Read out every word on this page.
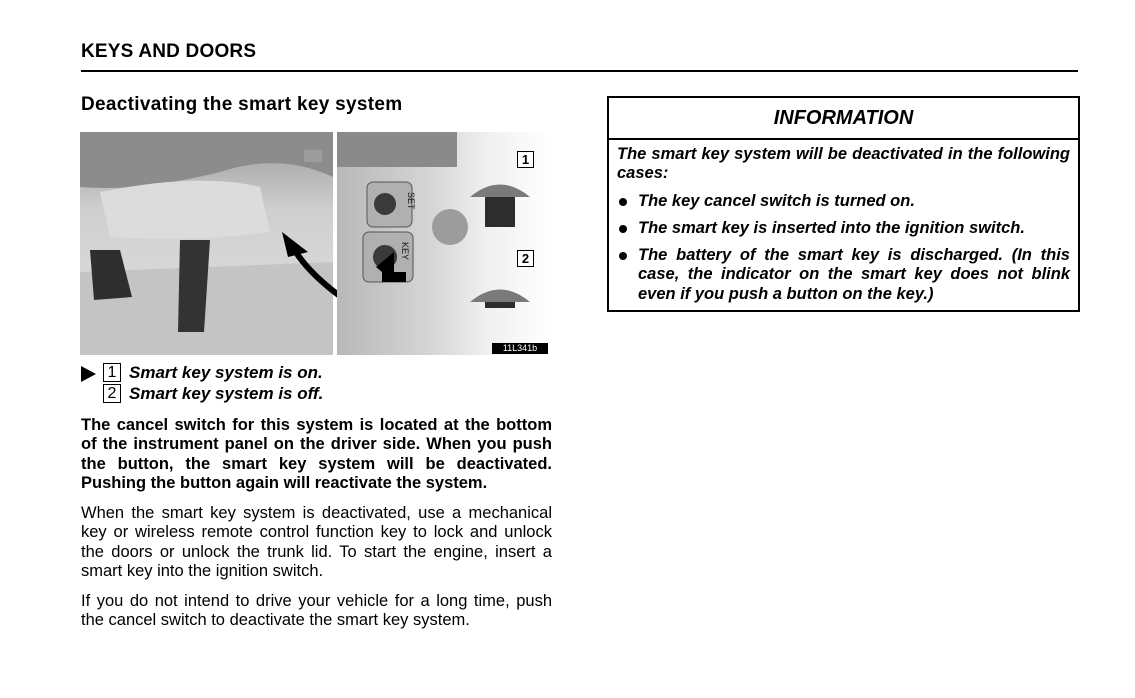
KEYS AND DOORS
Deactivating the smart key system
SET
KEY
1
2
11L341b
1 Smart key system is on.
2 Smart key system is off.
The cancel switch for this system is located at the bottom of the instrument panel on the driver side. When you push the button, the smart key system will be deactivated. Pushing the button again will reactivate the system.
When the smart key system is deactivated, use a mechanical key or wireless remote control function key to lock and unlock the doors or unlock the trunk lid. To start the engine, insert a smart key into the ignition switch.
If you do not intend to drive your vehicle for a long time, push the cancel switch to deactivate the smart key system.
INFORMATION
The smart key system will be deactivated in the following cases:
The key cancel switch is turned on.
The smart key is inserted into the ignition switch.
The battery of the smart key is discharged. (In this case, the indicator on the smart key does not blink even if you push a button on the key.)
